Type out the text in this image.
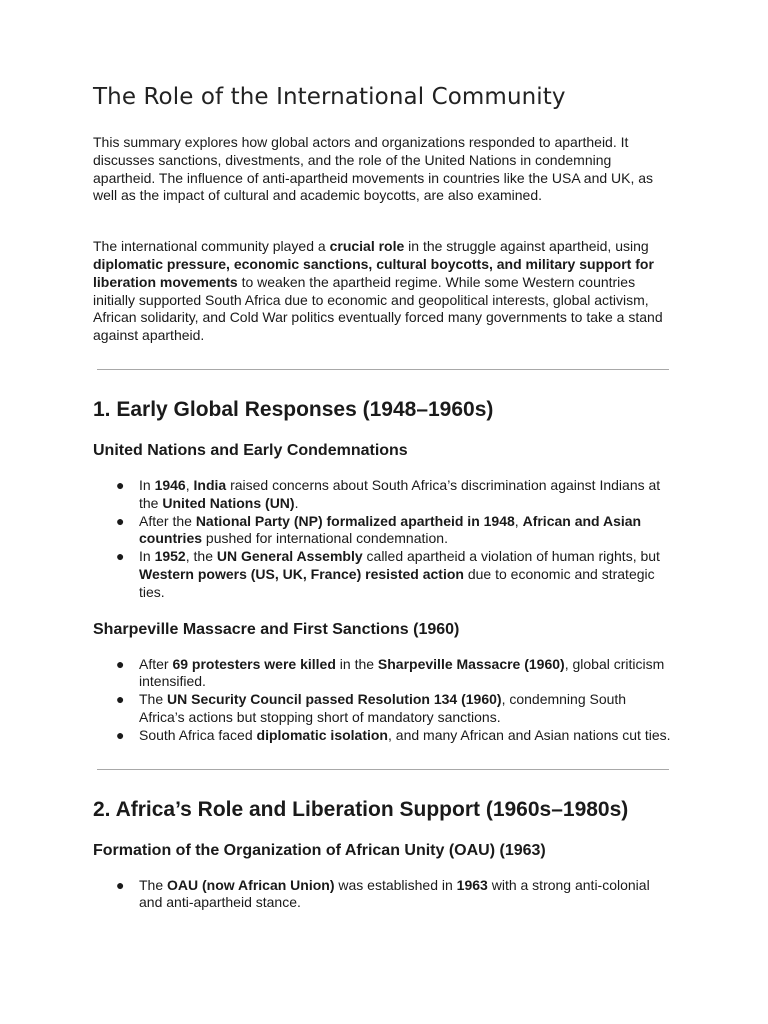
The Role of the International Community

This summary explores how global actors and organizations responded to apartheid. It discusses sanctions, divestments, and the role of the United Nations in condemning apartheid. The influence of anti-apartheid movements in countries like the USA and UK, as well as the impact of cultural and academic boycotts, are also examined.

The international community played a crucial role in the struggle against apartheid, using diplomatic pressure, economic sanctions, cultural boycotts, and military support for liberation movements to weaken the apartheid regime. While some Western countries initially supported South Africa due to economic and geopolitical interests, global activism, African solidarity, and Cold War politics eventually forced many governments to take a stand against apartheid.

1. Early Global Responses (1948–1960s)
United Nations and Early Condemnations
● In 1946, India raised concerns about South Africa’s discrimination against Indians at the United Nations (UN).
● After the National Party (NP) formalized apartheid in 1948, African and Asian countries pushed for international condemnation.
● In 1952, the UN General Assembly called apartheid a violation of human rights, but Western powers (US, UK, France) resisted action due to economic and strategic ties.
Sharpeville Massacre and First Sanctions (1960)
● After 69 protesters were killed in the Sharpeville Massacre (1960), global criticism intensified.
● The UN Security Council passed Resolution 134 (1960), condemning South Africa’s actions but stopping short of mandatory sanctions.
● South Africa faced diplomatic isolation, and many African and Asian nations cut ties.
2. Africa’s Role and Liberation Support (1960s–1980s)
Formation of the Organization of African Unity (OAU) (1963)
● The OAU (now African Union) was established in 1963 with a strong anti-colonial and anti-apartheid stance.
